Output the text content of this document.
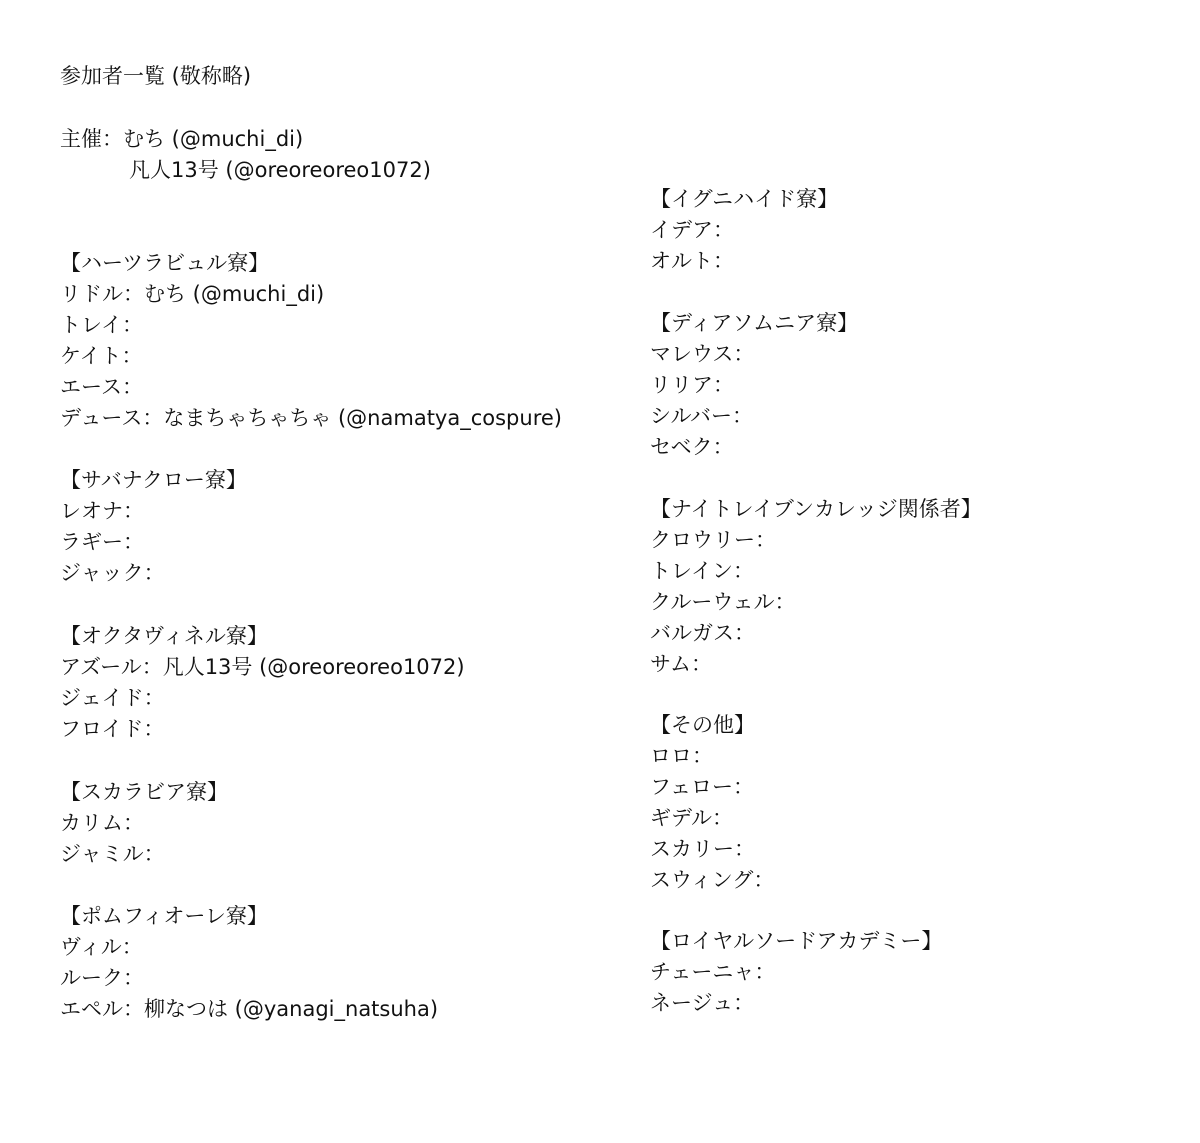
参加者一覧 (敬称略)
主催：むち (@muchi_di)
凡人13号 (@oreoreoreo1072)
【ハーツラビュル寮】
リドル：むち (@muchi_di)
トレイ：
ケイト：
エース：
デュース：なまちゃちゃちゃ (@namatya_cospure)
【サバナクロー寮】
レオナ：
ラギー：
ジャック：
【オクタヴィネル寮】
アズール：凡人13号 (@oreoreoreo1072)
ジェイド：
フロイド：
【スカラビア寮】
カリム：
ジャミル：
【ポムフィオーレ寮】
ヴィル：
ルーク：
エペル：柳なつは (@yanagi_natsuha)
【イグニハイド寮】
イデア：
オルト：
【ディアソムニア寮】
マレウス：
リリア：
シルバー：
セベク：
【ナイトレイブンカレッジ関係者】
クロウリー：
トレイン：
クルーウェル：
バルガス：
サム：
【その他】
ロロ：
フェロー：
ギデル：
スカリー：
スウィング：
【ロイヤルソードアカデミー】
チェーニャ：
ネージュ：
